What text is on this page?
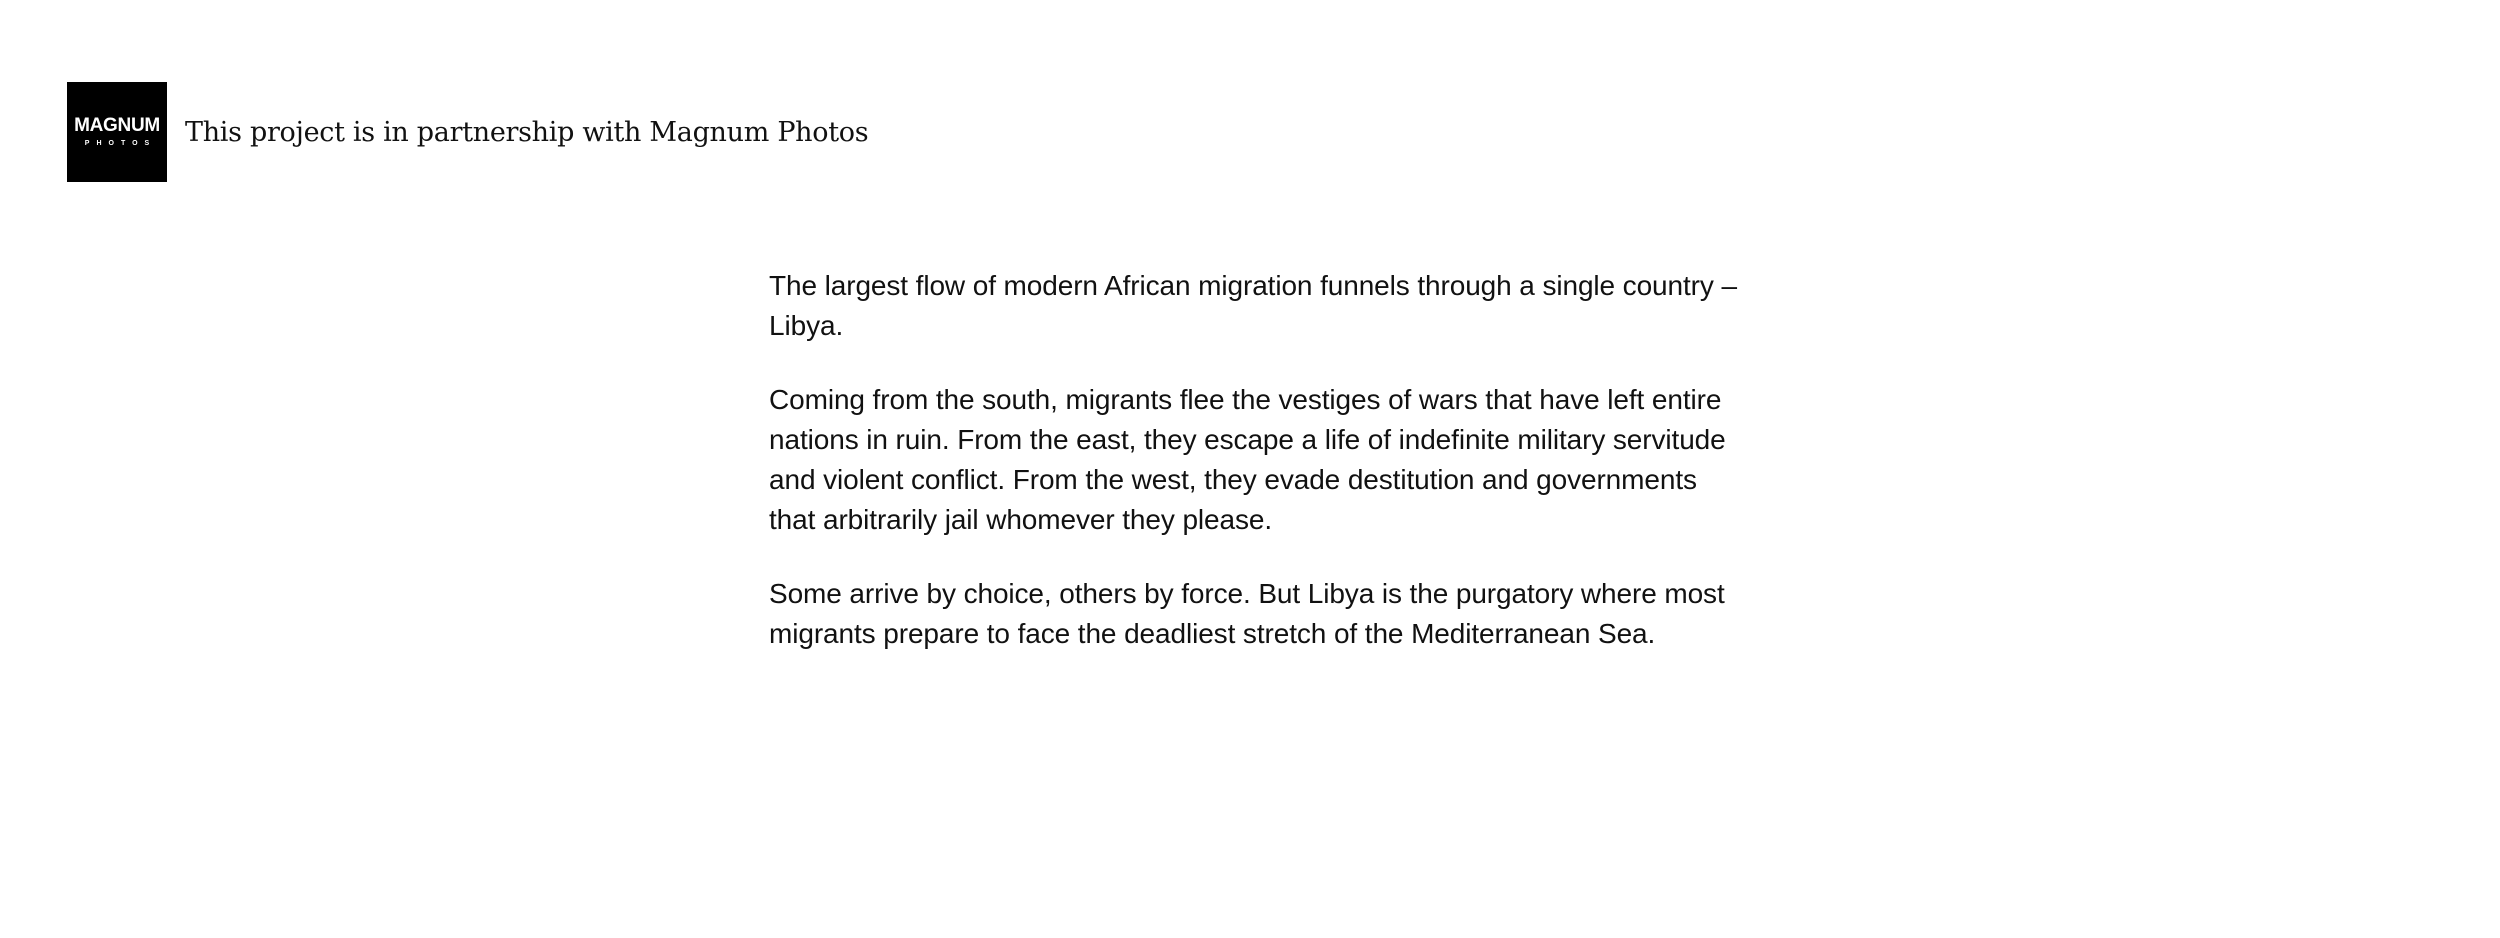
MAGNUM
PHOTOS This project is in partnership with Magnum Photos

The largest flow of modern African migration funnels through a single country – Libya.

Coming from the south, migrants flee the vestiges of wars that have left entire nations in ruin. From the east, they escape a life of indefinite military servitude and violent conflict. From the west, they evade destitution and governments that arbitrarily jail whomever they please.

Some arrive by choice, others by force. But Libya is the purgatory where most migrants prepare to face the deadliest stretch of the Mediterranean Sea.
